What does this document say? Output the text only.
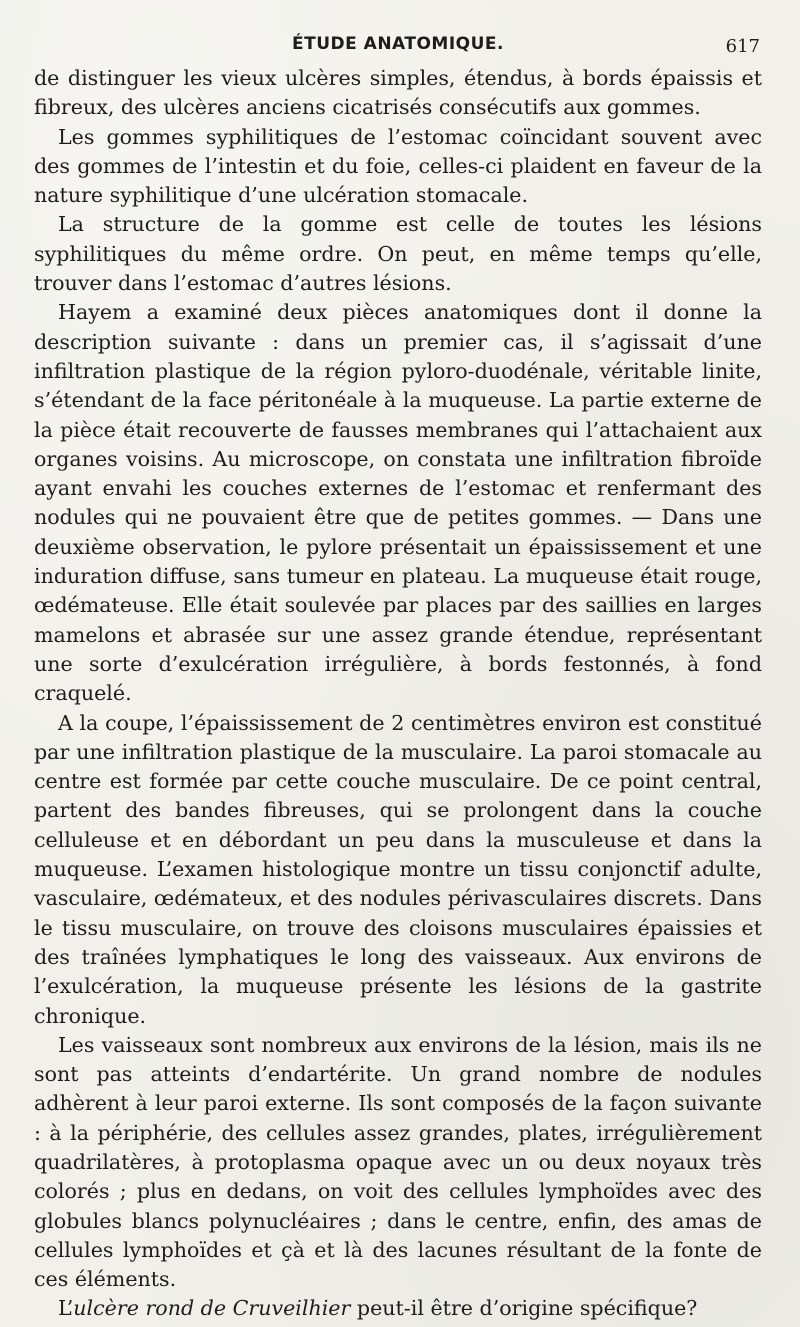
ÉTUDE ANATOMIQUE.	617

de distinguer les vieux ulcères simples, étendus, à bords épaissis et fibreux, des ulcères anciens cicatrisés consécutifs aux gommes.

Les gommes syphilitiques de l’estomac coïncidant souvent avec des gommes de l’intestin et du foie, celles-ci plaident en faveur de la nature syphilitique d’une ulcération stomacale.

La structure de la gomme est celle de toutes les lésions syphilitiques du même ordre. On peut, en même temps qu’elle, trouver dans l’estomac d’autres lésions.

Hayem a examiné deux pièces anatomiques dont il donne la description suivante : dans un premier cas, il s’agissait d’une infiltration plastique de la région pyloro-duodénale, véritable linite, s’étendant de la face péritonéale à la muqueuse. La partie externe de la pièce était recouverte de fausses membranes qui l’attachaient aux organes voisins. Au microscope, on constata une infiltration fibroïde ayant envahi les couches externes de l’estomac et renfermant des nodules qui ne pouvaient être que de petites gommes. — Dans une deuxième observation, le pylore présentait un épaississement et une induration diffuse, sans tumeur en plateau. La muqueuse était rouge, œdémateuse. Elle était soulevée par places par des saillies en larges mamelons et abrasée sur une assez grande étendue, représentant une sorte d’exulcération irrégulière, à bords festonnés, à fond craquelé.

A la coupe, l’épaississement de 2 centimètres environ est constitué par une infiltration plastique de la musculaire. La paroi stomacale au centre est formée par cette couche musculaire. De ce point central, partent des bandes fibreuses, qui se prolongent dans la couche celluleuse et en débordant un peu dans la musculeuse et dans la muqueuse. L’examen histologique montre un tissu conjonctif adulte, vasculaire, œdémateux, et des nodules périvasculaires discrets. Dans le tissu musculaire, on trouve des cloisons musculaires épaissies et des traînées lymphatiques le long des vaisseaux. Aux environs de l’exulcération, la muqueuse présente les lésions de la gastrite chronique.

Les vaisseaux sont nombreux aux environs de la lésion, mais ils ne sont pas atteints d’endartérite. Un grand nombre de nodules adhèrent à leur paroi externe. Ils sont composés de la façon suivante : à la périphérie, des cellules assez grandes, plates, irrégulièrement quadrilatères, à protoplasma opaque avec un ou deux noyaux très colorés ; plus en dedans, on voit des cellules lymphoïdes avec des globules blancs polynucléaires ; dans le centre, enfin, des amas de cellules lymphoïdes et çà et là des lacunes résultant de la fonte de ces éléments.

L’ulcère rond de Cruveilhier peut-il être d’origine spécifique?
